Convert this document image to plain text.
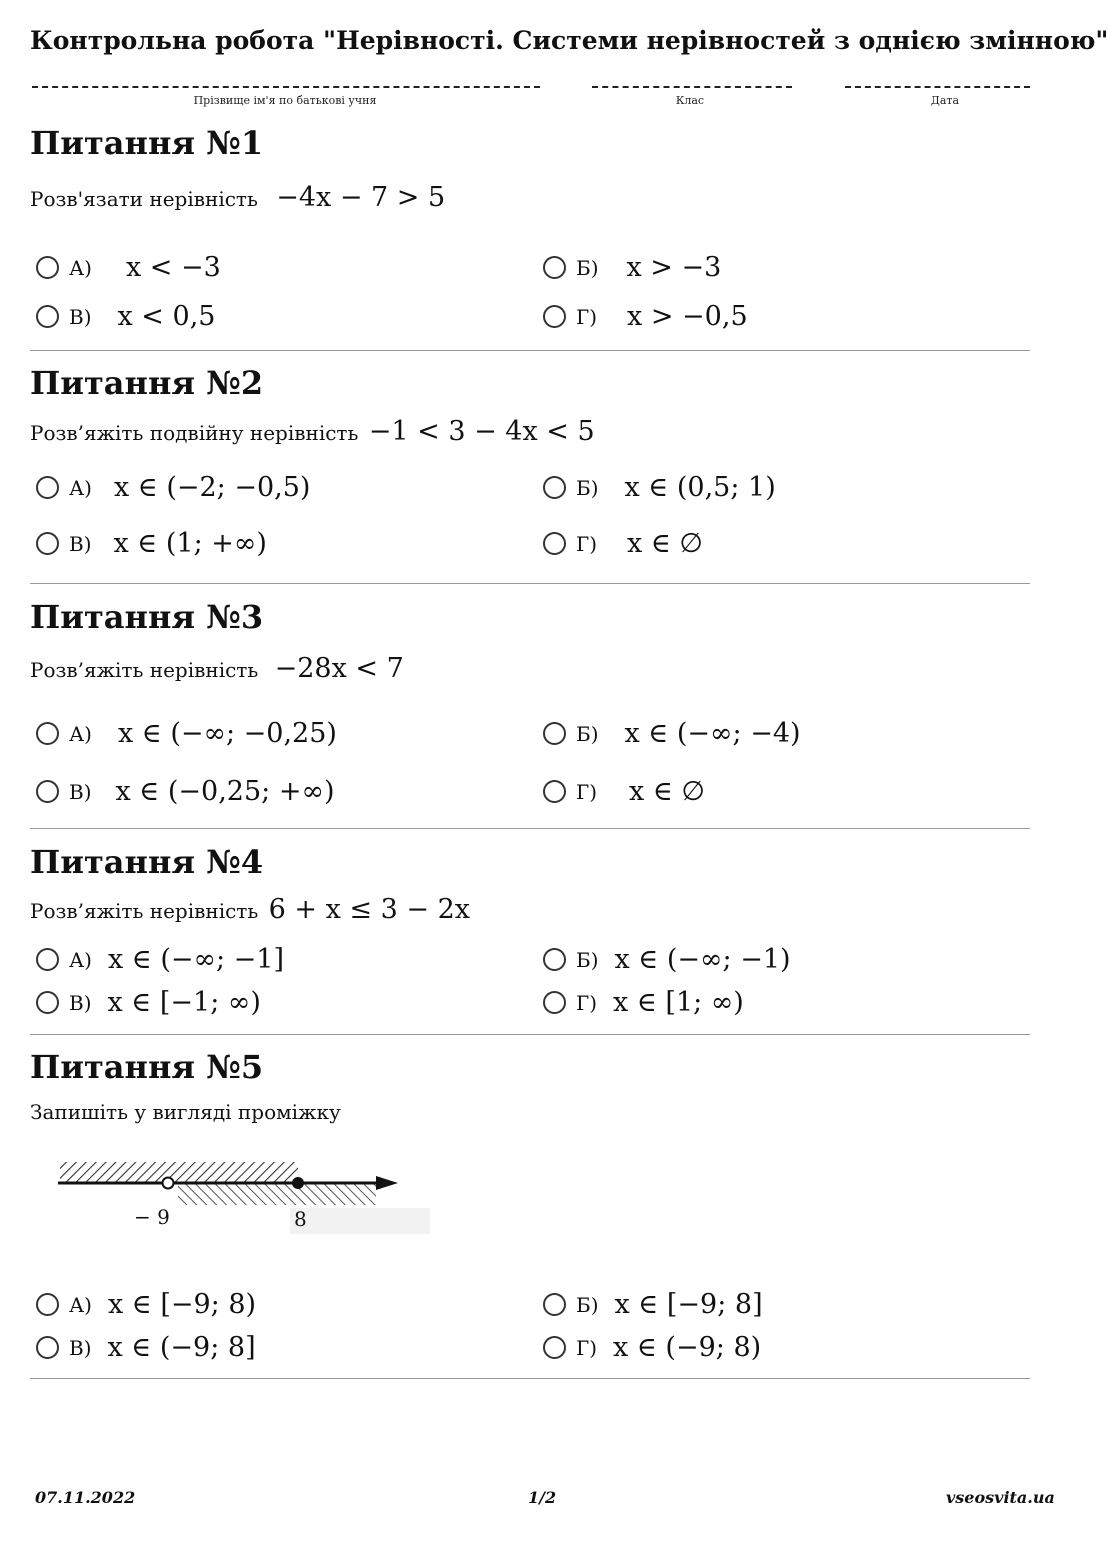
Контрольна робота "Нерівності. Системи нерівностей з однією змінною"
Прізвище ім'я по батькові учня	Клас	Дата
Питання №1
Розв'язати нерівність −4x − 7 > 5
А) x < −3	Б) x > −3
В) x < 0,5	Г) x > −0,5
Питання №2
Розв’яжіть подвійну нерівність −1 < 3 − 4x < 5
А) x ∈ (−2; −0,5)	Б) x ∈ (0,5; 1)
В) x ∈ (1; +∞)	Г) x ∈ ∅
Питання №3
Розв’яжіть нерівність −28x < 7
А) x ∈ (−∞; −0,25)	Б) x ∈ (−∞; −4)
В) x ∈ (−0,25; +∞)	Г) x ∈ ∅
Питання №4
Розв’яжіть нерівність 6 + x ≤ 3 − 2x
А) x ∈ (−∞; −1]	Б) x ∈ (−∞; −1)
В) x ∈ [−1; ∞)	Г) x ∈ [1; ∞)
Питання №5
Запишіть у вигляді проміжку
− 9	8
А) x ∈ [−9; 8)	Б) x ∈ [−9; 8]
В) x ∈ (−9; 8]	Г) x ∈ (−9; 8)
07.11.2022	1/2	vseosvita.ua
